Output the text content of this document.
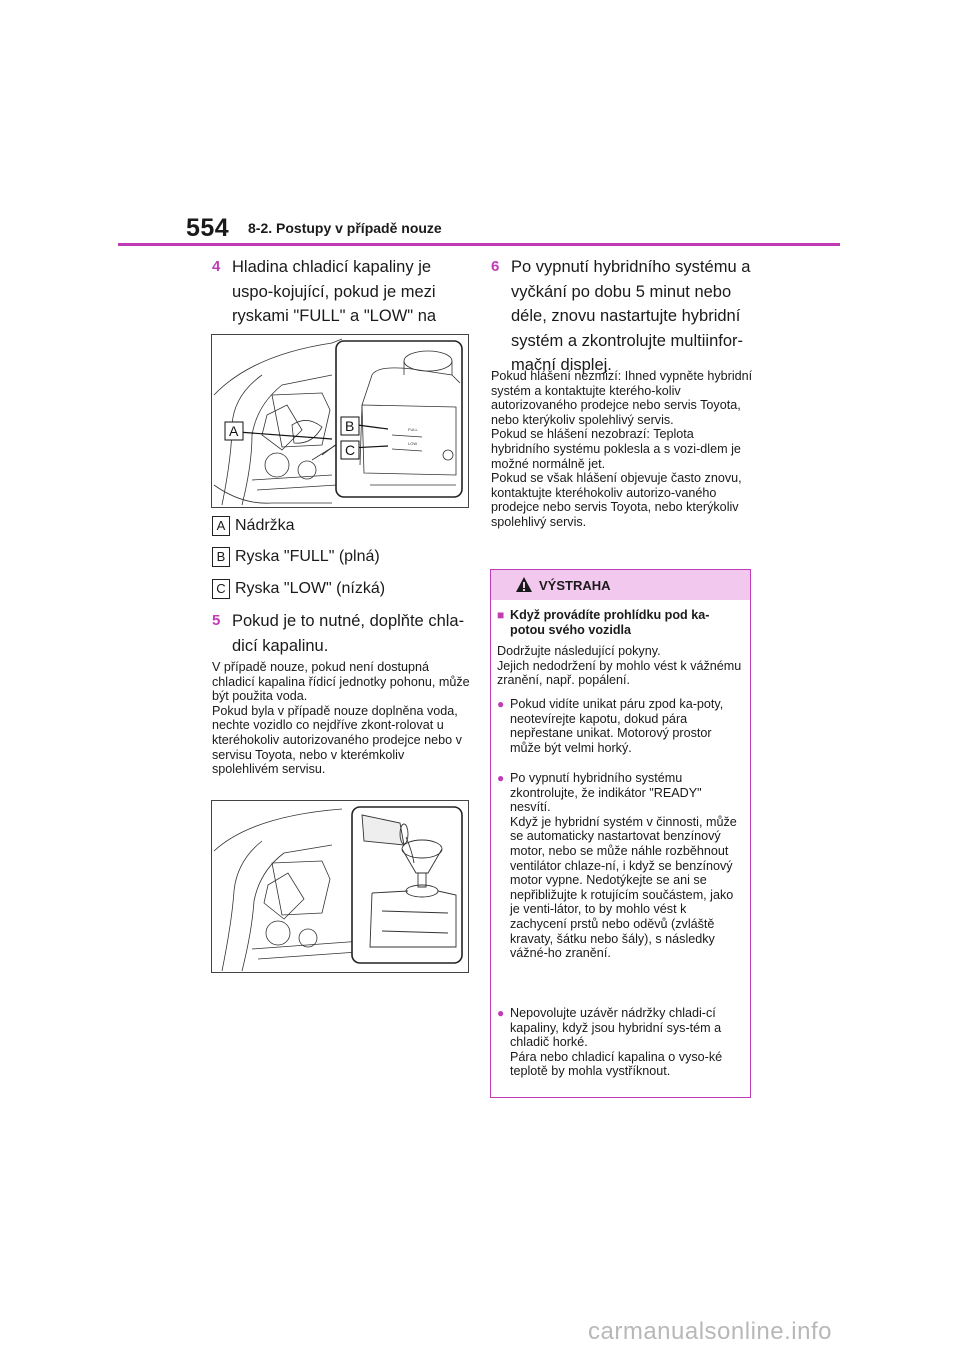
554 8-2. Postupy v případě nouze
4 Hladina chladicí kapaliny je uspo-kojující, pokud je mezi ryskami "FULL" a "LOW" na
A	B
C
FULL
LOW
A Nádržka
B Ryska "FULL" (plná)
C Ryska "LOW" (nízká)
5 Pokud je to nutné, doplňte chla-dicí kapalinu.
V případě nouze, pokud není dostupná chladicí kapalina řídicí jednotky pohonu, může být použita voda.
Pokud byla v případě nouze doplněna voda, nechte vozidlo co nejdříve zkont-rolovat u kteréhokoliv autorizovaného prodejce nebo v servisu Toyota, nebo v kterémkoliv spolehlivém servisu.
6 Po vypnutí hybridního systému a vyčkání po dobu 5 minut nebo déle, znovu nastartujte hybridní systém a zkontrolujte multiinfor-mační displej.
Pokud hlášení nezmizí: Ihned vypněte hybridní systém a kontaktujte kterého-koliv autorizovaného prodejce nebo servis Toyota, nebo kterýkoliv spolehlivý servis.
Pokud se hlášení nezobrazí: Teplota hybridního systému poklesla a s vozi-dlem je možné normálně jet.
Pokud se však hlášení objevuje často znovu, kontaktujte kteréhokoliv autorizo-vaného prodejce nebo servis Toyota, nebo kterýkoliv spolehlivý servis.
VÝSTRAHA
■ Když provádíte prohlídku pod ka-potou svého vozidla
Dodržujte následující pokyny.
Jejich nedodržení by mohlo vést k vážnému zranění, např. popálení.
● Pokud vidíte unikat páru zpod ka-poty, neotevírejte kapotu, dokud pára nepřestane unikat. Motorový prostor může být velmi horký.
● Po vypnutí hybridního systému zkontrolujte, že indikátor "READY" nesvítí.
Když je hybridní systém v činnosti, může se automaticky nastartovat benzínový motor, nebo se může náhle rozběhnout ventilátor chlaze-ní, i když se benzínový motor vypne. Nedotýkejte se ani se nepřibližujte k rotujícím součástem, jako je venti-látor, to by mohlo vést k zachycení prstů nebo oděvů (zvláště kravaty, šátku nebo šály), s následky vážné-ho zranění.
● Nepovolujte uzávěr nádržky chladi-cí kapaliny, když jsou hybridní sys-tém a chladič horké.
Pára nebo chladicí kapalina o vyso-ké teplotě by mohla vystříknout.
carmanualsonline.info
